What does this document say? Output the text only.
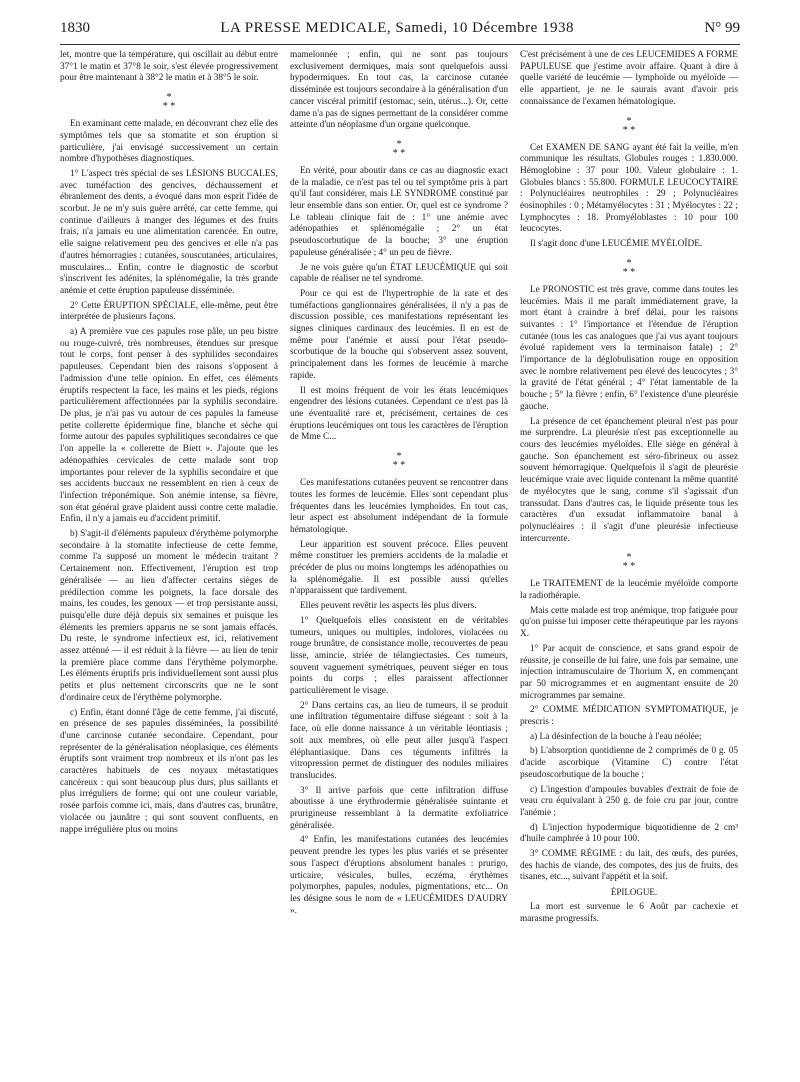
1830	LA PRESSE MEDICALE, Samedi, 10 Décembre 1938	N° 99

let, montre que la température, qui oscillait au début entre 37°1 le matin et 37°8 le soir, s'est élevée progressivement pour être maintenant à 38°2 le matin et à 38°5 le soir.

*
* *

En examinant cette malade, en découvrant chez elle des symptômes tels que sa stomatite et son éruption si particulière, j'ai envisagé successivement un certain nombre d'hypothèses diagnostiques.

1° L'aspect très spécial de ses LÉSIONS BUCCALES, avec tuméfaction des gencives, déchaussement et ébranlement des dents, a évoqué dans mon esprit l'idée de scorbut. Je ne m'y suis guère arrêté, car cette femme, qui continue d'ailleurs à manger des légumes et des fruits frais, n'a jamais eu une alimentation carencée. En outre, elle saigne relativement peu des gencives et elle n'a pas d'autres hémorragies : cutanées, souscutanées, articulaires, musculaires... Enfin, contre le diagnostic de scorbut s'inscrivent les adénites, la splénomégalie, la très grande anémie et cette éruption papuleuse disséminée.

2° Cette ÉRUPTION SPÉCIALE, elle-même, peut être interprétée de plusieurs façons.

a) A première vue ces papules rose pâle, un peu bistre ou rouge-cuivré, très nombreuses, étendues sur presque tout le corps, font penser à des syphilides secondaires papuleuses. Cependant bien des raisons s'opposent à l'admission d'une telle opinion. En effet, ces éléments éruptifs respectent la face, les mains et les pieds, régions particulièrement affectionnées par la syphilis secondaire. De plus, je n'ai pas vu autour de ces papules la fameuse petite collerette épidermique fine, blanche et sèche qui forme autour des papules syphilitiques secondaires ce que l'on appelle la « collerette de Biett ». J'ajoute que les adénopathies cervicales de cette malade sont trop importantes pour relever de la syphilis secondaire et que ses accidents buccaux ne ressemblent en rien à ceux de l'infection tréponémique. Son anémie intense, sa fièvre, son état général grave plaident aussi contre cette maladie. Enfin, il n'y a jamais eu d'accident primitif.

b) S'agit-il d'éléments papuleux d'érythème polymorphe secondaire à la stomatite infectieuse de cette femme, comme l'a supposé un moment le médecin traitant ? Certainement non. Effectivement, l'éruption est trop généralisée — au lieu d'affecter certains sièges de prédilection comme les poignets, la face dorsale des mains, les coudes, les genoux — et trop persistante aussi, puisqu'elle dure déjà depuis six semaines et puisque les éléments les premiers apparus ne se sont jamais effacés. Du reste, le syndrome infectieux est, ici, relativement assez atténué — il est réduit à la fièvre — au lieu de tenir la première place comme dans l'érythème polymorphe. Les éléments éruptifs pris individuellement sont aussi plus petits et plus nettement circonscrits que ne le sont d'ordinaire ceux de l'érythème polymorphe.

c) Enfin, étant donné l'âge de cette femme, j'ai discuté, en présence de ses papules disséminées, la possibilité d'une carcinose cutanée secondaire. Cependant, pour représenter de la généralisation néoplasique, ces éléments éruptifs sont vraiment trop nombreux et ils n'ont pas les caractères habituels de ces noyaux métastatiques cancéreux : qui sont beaucoup plus durs, plus saillants et plus irréguliers de forme; qui ont une couleur variable, rosée parfois comme ici, mais, dans d'autres cas, brunâtre, violacée ou jaunâtre ; qui sont souvent confluents, en nappe irrégulière plus ou moins

mamelonnée ; enfin, qui ne sont pas toujours exclusivement dermiques, mais sont quelquefois aussi hypodermiques. En tout cas, la carcinose cutanée disséminée est toujours secondaire à la généralisation d'un cancer viscéral primitif (estomac, sein, utérus...). Or, cette dame n'a pas de signes permettant de la considérer comme atteinte d'un néoplasme d'un organe quelconque.

*
* *

En vérité, pour aboutir dans ce cas au diagnostic exact de la maladie, ce n'est pas tel ou tel symptôme pris à part qu'il faut considérer, mais LE SYNDROME constitué par leur ensemble dans son entier. Or, quel est ce syndrome ? Le tableau clinique fait de : 1° une anémie avec adénopathies et splénomégalie ; 2° un état pseudoscorbutique de la bouche; 3° une éruption papuleuse généralisée ; 4° un peu de fièvre.

Je ne vois guère qu'un ÉTAT LEUCÉMIQUE qui soit capable de réaliser ne tel syndrome.

Pour ce qui est de l'hypertrophie de la rate et des tuméfactions ganglionnaires généralisées, il n'y a pas de discussion possible, ces manifestations représentant les signes cliniques cardinaux des leucémies. Il en est de même pour l'anémie et aussi pour l'état pseudo-scorbutique de la bouche qui s'observent assez souvent, principalement dans les formes de leucémie à marche rapide.

Il est moins fréquent de voir les états leucémiques engendrer des lésions cutanées. Cependant ce n'est pas là une éventualité rare et, précisément, certaines de ces éruptions leucémiques ont tous les caractères de l'éruption de Mme C...

*
* *

Ces manifestations cutanées peuvent se rencontrer dans toutes les formes de leucémie. Elles sont cependant plus fréquentes dans les leucémies lymphoïdes. En tout cas, leur aspect est absolument indépendant de la formule hématologique.

Leur apparition est souvent précoce. Elles peuvent même constituer les premiers accidents de la maladie et précéder de plus ou moins longtemps les adénopathies ou la splénomégalie. Il est possible aussi qu'elles n'apparaissent que tardivement.

Elles peuvent revêtir les aspects les plus divers.

1° Quelquefois elles consistent en de véritables tumeurs, uniques ou multiples, indolores, violacées ou rouge brunâtre, de consistance molle, recouvertes de peau lisse, amincie, striée de télangiectasies. Ces tumeurs, souvent vaguement symétriques, peuvent siéger en tous points du corps ; elles paraissent affectionner particulièrement le visage.

2° Dans certains cas, au lieu de tumeurs, il se produit une infiltration tégumentaire diffuse siégeant : soit à la face, où elle donne naissance à un véritable léontiasis ; soit aux membres, où elle peut aller jusqu'à l'aspect éléphantiasique. Dans ces téguments infiltrés la vitropression permet de distinguer des nodules miliaires translucides.

3° Il arrive parfois que cette infiltration diffuse aboutisse à une érythrodermie généralisée suintante et prurigineuse ressemblant à la dermatite exfoliatrice généralisée.

4° Enfin, les manifestations cutanées des leucémies peuvent prendre les types les plus variés et se présenter sous l'aspect d'éruptions absolument banales : prurigo, urticaire, vésicules, bulles, eczéma, érythèmes polymorphes, papules, nodules, pigmentations, etc... On les désigne sous le nom de « LEUCÉMIDES D'AUDRY ».

C'est précisément à une de ces LEUCÉMIDES A FORME PAPULEUSE que j'estime avoir affaire. Quant à dire à quelle variété de leucémie — lymphoïde ou myéloïde — elle appartient, je ne le saurais avant d'avoir pris connaissance de l'examen hématologique.

*
* *

Cet EXAMEN DE SANG ayant été fait la veille, m'en communique les résultats. Globules rouges : 1.830.000. Hémoglobine : 37 pour 100. Valeur globulaire : 1. Globules blancs : 55.800. FORMULE LEUCOCYTAIRE : Polynucléaires neutrophiles : 29 ; Polynucléaires éosinophiles : 0 ; Métamyélocytes : 31 ; Myélocytes : 22 ; Lymphocytes : 18. Promyéloblastes : 10 pour 100 leucocytes.

Il s'agit donc d'une LEUCÉMIE MYÉLOÏDE.

*
* *

Le PRONOSTIC est très grave, comme dans toutes les leucémies. Mais il me paraît immédiatement grave, la mort étant à craindre à bref délai, pour les raisons suivantes : 1° l'importance et l'étendue de l'éruption cutanée (tous les cas analogues que j'ai vus ayant toujours évolué rapidement vers la terminaison fatale) ; 2° l'importance de la déglobulisation rouge en opposition avec le nombre relativement peu élevé des leucocytes ; 3° la gravité de l'état général ; 4° l'état lamentable de la bouche ; 5° la fièvre ; enfin, 6° l'existence d'une pleurésie gauche.

La présence de cet épanchement pleural n'est pas pour me surprendre. La pleurésie n'est pas exceptionnelle au cours des leucémies myéloïdes. Elle siège en général à gauche. Son épanchement est séro-fibrineux ou assez souvent hémorragique. Quelquefois il s'agit de pleurésie leucémique vraie avec liquide contenant la même quantité de myélocytes que le sang, comme s'il s'agissait d'un transsudat. Dans d'autres cas, le liquide présente tous les caractères d'un exsudat inflammatoire banal à polynucléaires : il s'agit d'une pleurésie infectieuse intercurrente.

*
* *

Le TRAITEMENT de la leucémie myéloïde comporte la radiothérapie.

Mais cette malade est trop anémique, trop fatiguée pour qu'on puisse lui imposer cette thérapeutique par les rayons X.

1° Par acquit de conscience, et sans grand espoir de réussite, je conseille de lui faire, une fois par semaine, une injection intramusculaire de Thorium X, en commençant par 50 microgrammes et en augmentant ensuite de 20 microgrammes par semaine.

2° COMME MÉDICATION SYMPTOMATIQUE, je prescris :

a) La désinfection de la bouche à l'eau néolée;

b) L'absorption quotidienne de 2 comprimés de 0 g. 05 d'acide ascorbique (Vitamine C) contre l'état pseudoscorbutique de la bouche ;

c) L'ingestion d'ampoules buvables d'extrait de foie de veau cru équivalant à 250 g. de foie cru par jour, contre l'anémie ;

d) L'injection hypodermique biquotidienne de 2 cm³ d'huile camphrée à 10 pour 100.

3° COMME RÉGIME : du lait, des œufs, des purées, des hachis de viande, des compotes, des jus de fruits, des tisanes, etc..., suivant l'appétit et la soif.

ÉPILOGUE.

La mort est survenue le 6 Août par cachexie et marasme progressifs.
